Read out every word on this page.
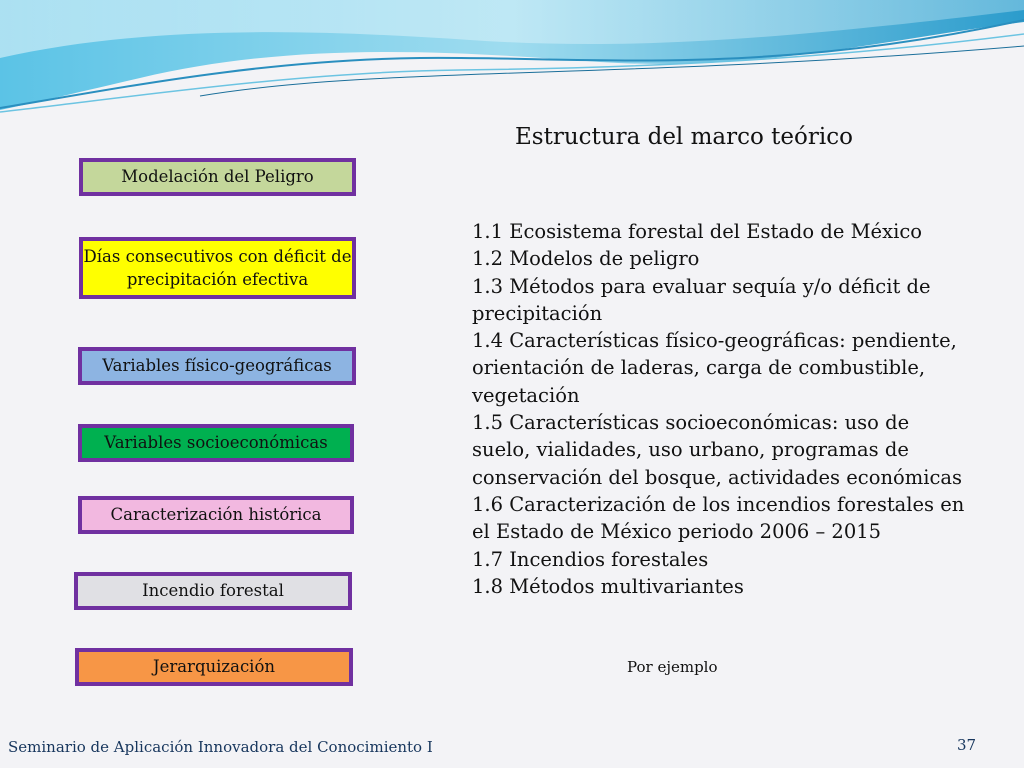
Estructura del marco teórico
Modelación del Peligro
Días consecutivos con déficit de precipitación efectiva
Variables físico-geográficas
Variables socioeconómicas
Caracterización histórica
Incendio forestal
Jerarquización
1.1 Ecosistema forestal del Estado de México
1.2 Modelos de peligro
1.3 Métodos para evaluar sequía y/o déficit de precipitación
1.4 Características físico-geográficas: pendiente, orientación de laderas, carga de combustible, vegetación
1.5 Características socioeconómicas: uso de suelo, vialidades, uso urbano, programas de conservación del bosque, actividades económicas
1.6 Caracterización de los incendios forestales en el Estado de México periodo 2006 – 2015
1.7 Incendios forestales
1.8 Métodos multivariantes
Por ejemplo
Seminario de Aplicación Innovadora del Conocimiento I	37
